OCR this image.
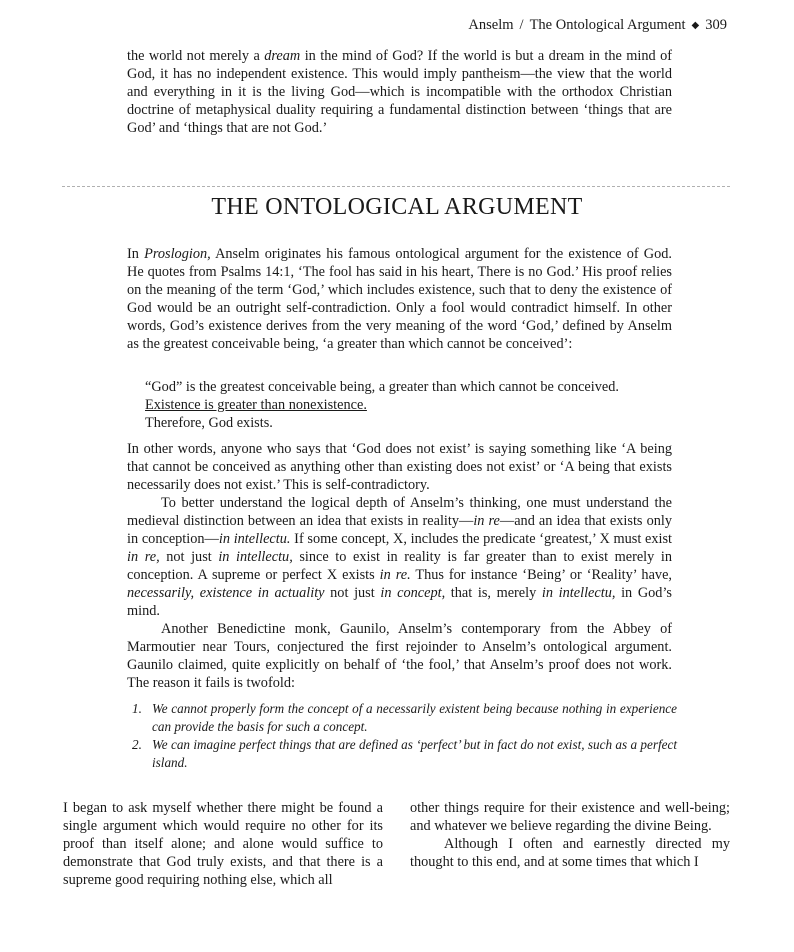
Anselm / The Ontological Argument ◆ 309

the world not merely a dream in the mind of God? If the world is but a dream in the mind of God, it has no independent existence. This would imply pantheism—the view that the world and everything in it is the living God—which is incompatible with the orthodox Christian doctrine of metaphysical duality requiring a fundamental distinction between ‘things that are God’ and ‘things that are not God.’

THE ONTOLOGICAL ARGUMENT

In Proslogion, Anselm originates his famous ontological argument for the existence of God. He quotes from Psalms 14:1, ‘The fool has said in his heart, There is no God.’ His proof relies on the meaning of the term ‘God,’ which includes existence, such that to deny the existence of God would be an outright self-contradiction. Only a fool would contradict himself. In other words, God’s existence derives from the very meaning of the word ‘God,’ defined by Anselm as the greatest conceivable being, ‘a greater than which cannot be conceived’:

“God” is the greatest conceivable being, a greater than which cannot be conceived.
Existence is greater than nonexistence.
Therefore, God exists.

In other words, anyone who says that ‘God does not exist’ is saying something like ‘A being that cannot be conceived as anything other than existing does not exist’ or ‘A being that exists necessarily does not exist.’ This is self-contradictory.

To better understand the logical depth of Anselm’s thinking, one must understand the medieval distinction between an idea that exists in reality—in re—and an idea that exists only in conception—in intellectu. If some concept, X, includes the predicate ‘greatest,’ X must exist in re, not just in intellectu, since to exist in reality is far greater than to exist merely in conception. A supreme or perfect X exists in re. Thus for instance ‘Being’ or ‘Reality’ have, necessarily, existence in actuality not just in concept, that is, merely in intellectu, in God’s mind.

Another Benedictine monk, Gaunilo, Anselm’s contemporary from the Abbey of Marmoutier near Tours, conjectured the first rejoinder to Anselm’s ontological argument. Gaunilo claimed, quite explicitly on behalf of ‘the fool,’ that Anselm’s proof does not work. The reason it fails is twofold:

1. We cannot properly form the concept of a necessarily existent being because nothing in experience can provide the basis for such a concept.
2. We can imagine perfect things that are defined as ‘perfect’ but in fact do not exist, such as a perfect island.

I began to ask myself whether there might be found a single argument which would require no other for its proof than itself alone; and alone would suffice to demonstrate that God truly exists, and that there is a supreme good requiring nothing else, which all

other things require for their existence and well-being; and whatever we believe regarding the divine Being.

Although I often and earnestly directed my thought to this end, and at some times that which I
